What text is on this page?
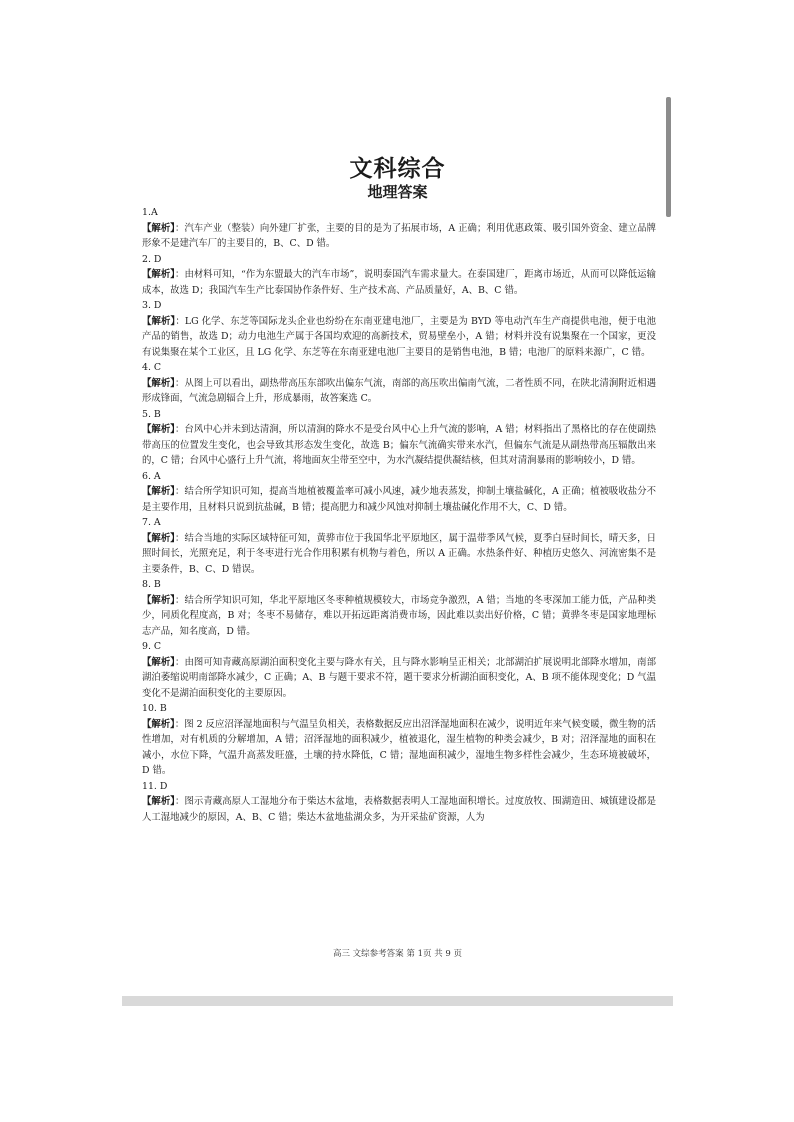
文科综合
地理答案

1.A

【解析】：汽车产业（整装）向外建厂扩张，主要的目的是为了拓展市场，A 正确；利用优惠政策、吸引国外资金、建立品牌形象不是建汽车厂的主要目的，B、C、D 错。

2. D

【解析】：由材料可知，“作为东盟最大的汽车市场”，说明泰国汽车需求量大。在泰国建厂，距离市场近，从而可以降低运输成本，故选 D；我国汽车生产比泰国协作条件好、生产技术高、产品质量好，A、B、C 错。

3. D

【解析】：LG 化学、东芝等国际龙头企业也纷纷在东南亚建电池厂，主要是为 BYD 等电动汽车生产商提供电池，便于电池产品的销售，故选 D；动力电池生产属于各国均欢迎的高新技术，贸易壁垒小，A 错；材料并没有说集聚在一个国家，更没有说集聚在某个工业区，且 LG 化学、东芝等在东南亚建电池厂主要目的是销售电池，B 错；电池厂的原料来源广，C 错。

4. C

【解析】：从图上可以看出，副热带高压东部吹出偏东气流，南部的高压吹出偏南气流，二者性质不同，在陕北清涧附近相遇形成锋面，气流急剧辐合上升，形成暴雨，故答案选 C。

5. B

【解析】：台风中心并未到达清涧，所以清涧的降水不是受台风中心上升气流的影响，A 错；材料指出了黑格比的存在使副热带高压的位置发生变化，也会导致其形态发生变化，故选 B；偏东气流确实带来水汽，但偏东气流是从副热带高压辐散出来的，C 错；台风中心盛行上升气流，将地面灰尘带至空中，为水汽凝结提供凝结核，但其对清涧暴雨的影响较小，D 错。

6. A

【解析】：结合所学知识可知，提高当地植被覆盖率可减小风速，减少地表蒸发，抑制土壤盐碱化，A 正确；植被吸收盐分不是主要作用，且材料只说到抗盐碱，B 错；提高肥力和减少风蚀对抑制土壤盐碱化作用不大，C、D 错。

7. A

【解析】：结合当地的实际区域特征可知，黄骅市位于我国华北平原地区，属于温带季风气候，夏季白昼时间长，晴天多，日照时间长，光照充足，利于冬枣进行光合作用积累有机物与着色，所以 A 正确。水热条件好、种植历史悠久、河流密集不是主要条件，B、C、D 错误。

8. B

【解析】：结合所学知识可知，华北平原地区冬枣种植规模较大，市场竞争激烈，A 错；当地的冬枣深加工能力低，产品种类少，同质化程度高，B 对；冬枣不易储存，难以开拓远距离消费市场，因此难以卖出好价格，C 错；黄骅冬枣是国家地理标志产品，知名度高，D 错。

9. C

【解析】：由图可知青藏高原湖泊面积变化主要与降水有关，且与降水影响呈正相关；北部湖泊扩展说明北部降水增加，南部湖泊萎缩说明南部降水减少，C 正确；A、B 与题干要求不符，题干要求分析湖泊面积变化，A、B 项不能体现变化；D 气温变化不是湖泊面积变化的主要原因。

10. B

【解析】：图 2 反应沼泽湿地面积与气温呈负相关，表格数据反应出沼泽湿地面积在减少，说明近年来气候变暖，微生物的活性增加，对有机质的分解增加，A 错；沼泽湿地的面积减少，植被退化，湿生植物的种类会减少，B 对；沼泽湿地的面积在减小，水位下降，气温升高蒸发旺盛，土壤的持水降低，C 错；湿地面积减少，湿地生物多样性会减少，生态环境被破坏，D 错。

11. D

【解析】：图示青藏高原人工湿地分布于柴达木盆地，表格数据表明人工湿地面积增长。过度放牧、围湖造田、城镇建设都是人工湿地减少的原因，A、B、C 错；柴达木盆地盐湖众多，为开采盐矿资源，人为

高三 文综参考答案 第 1页 共 9 页
